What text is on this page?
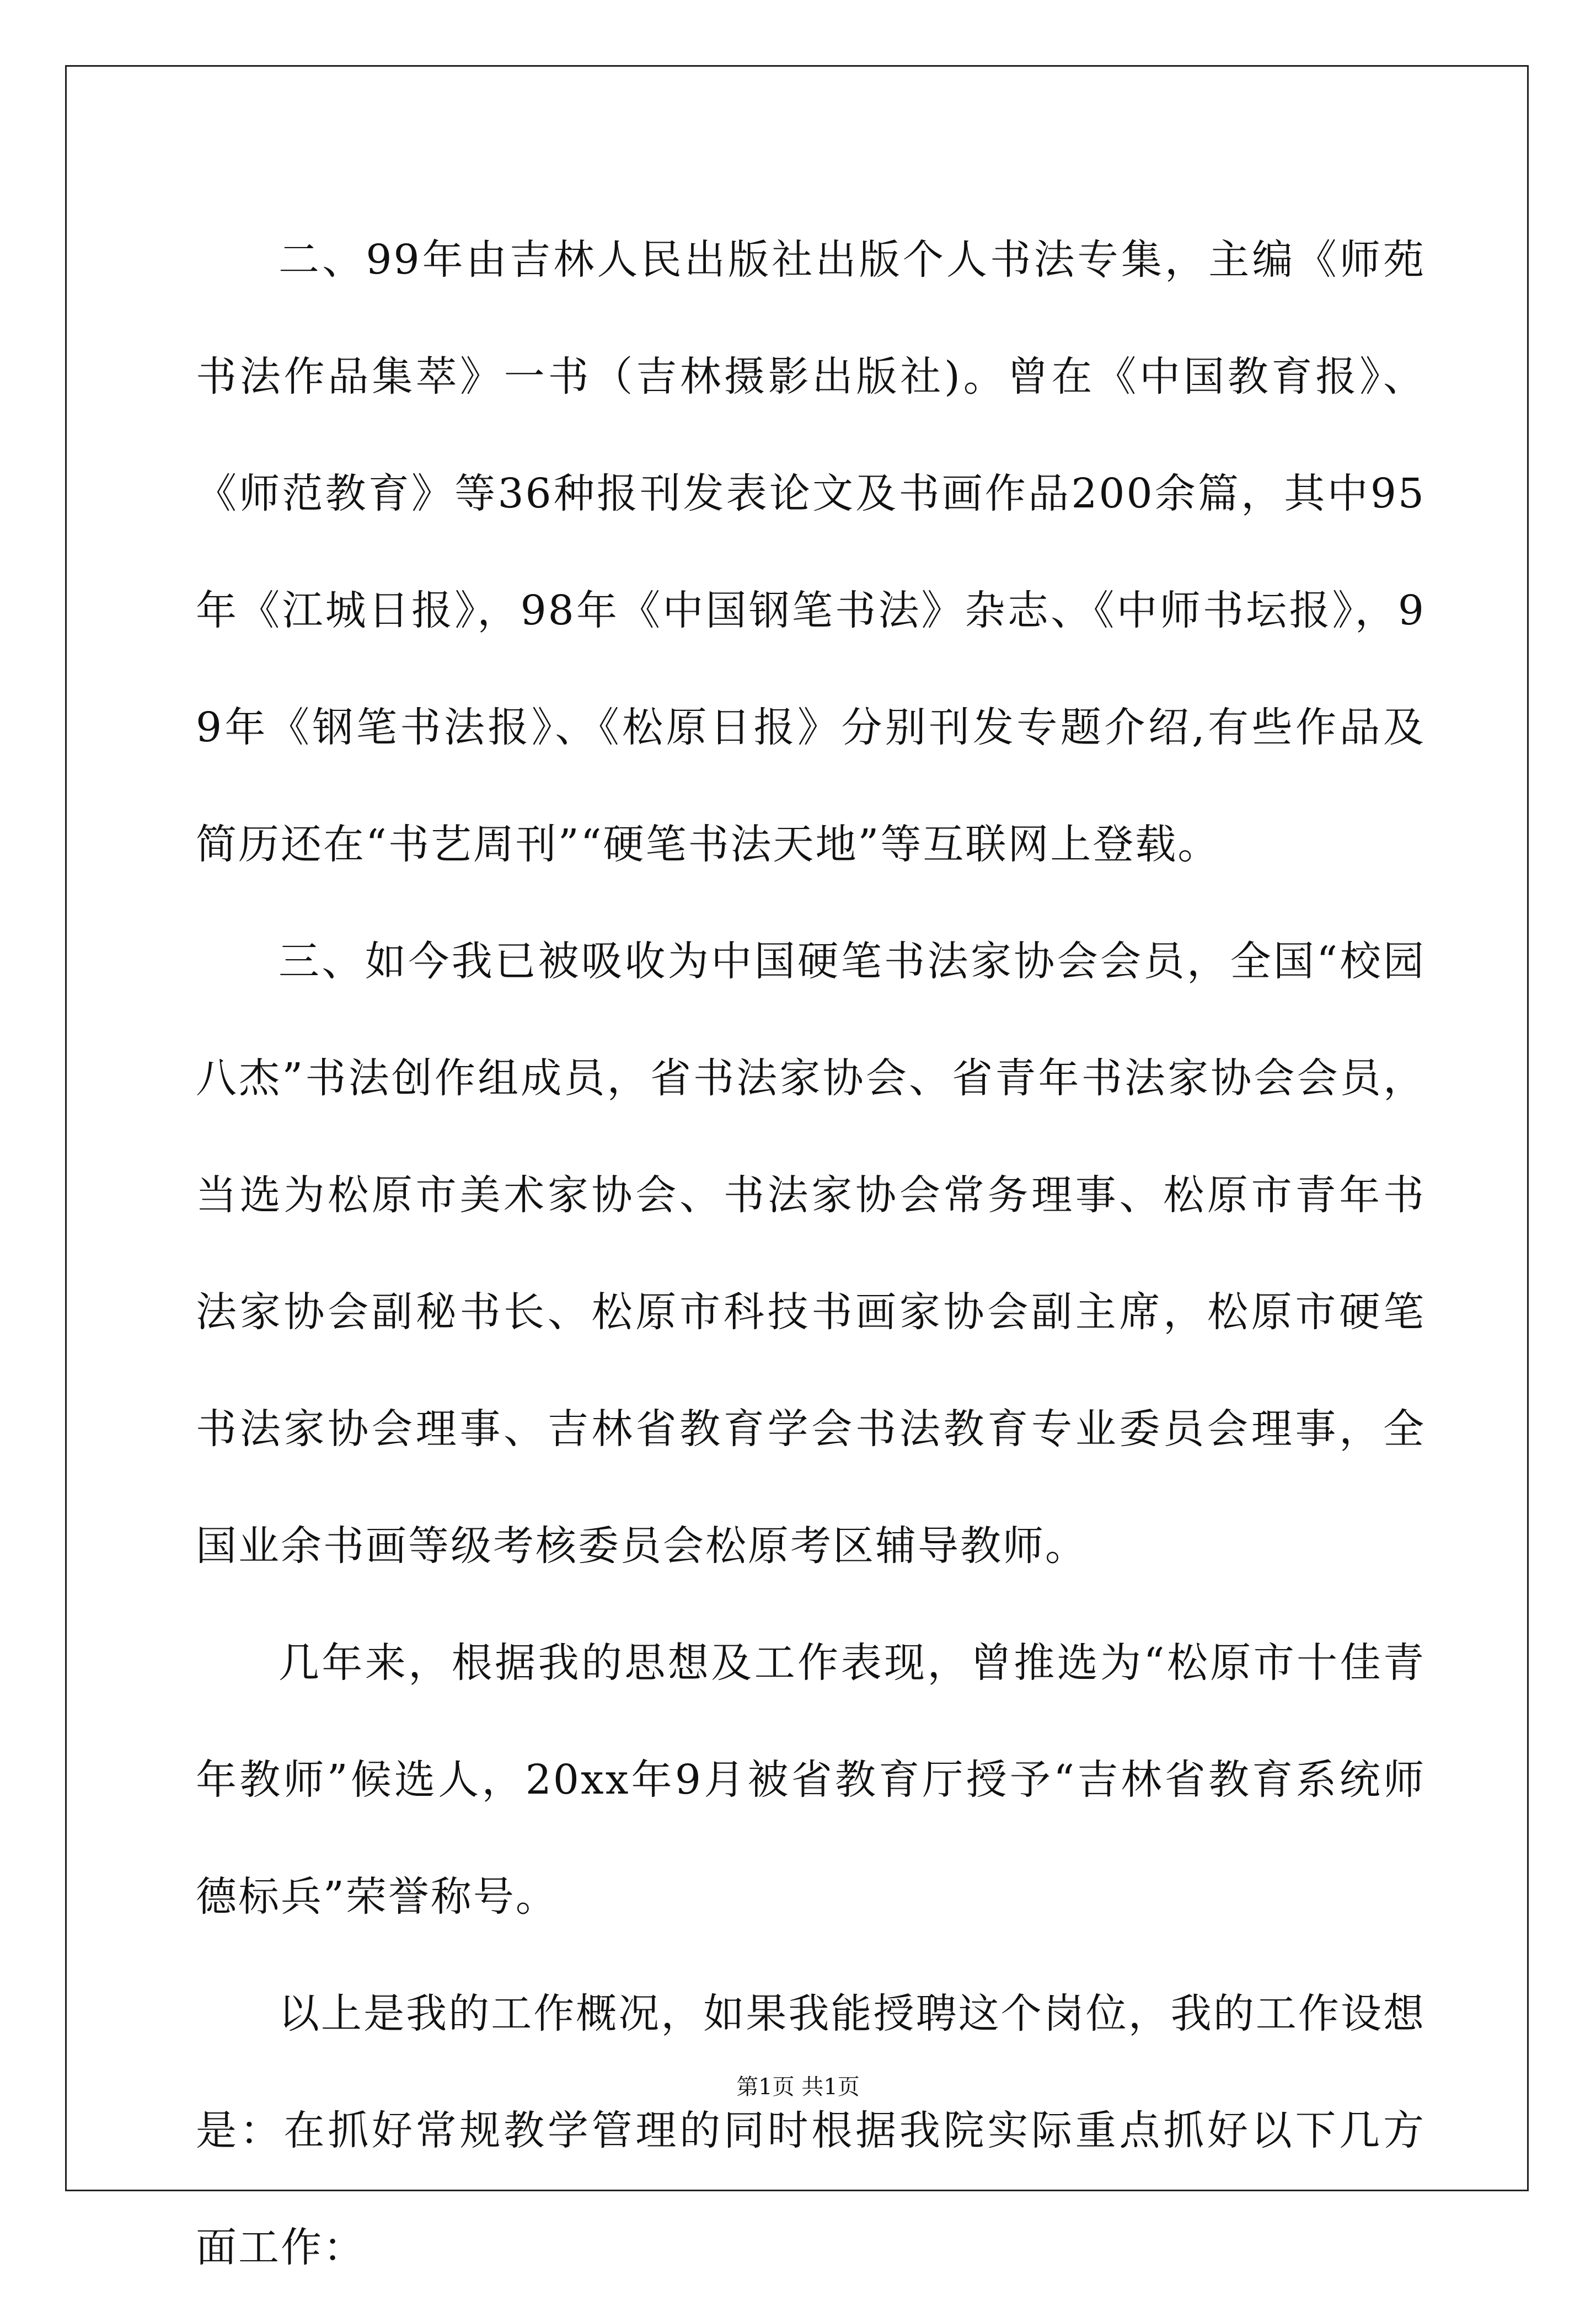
二、99年由吉林人民出版社出版个人书法专集，主编《师苑书法作品集萃》一书（吉林摄影出版社)。曾在《中国教育报》、《师范教育》等36种报刊发表论文及书画作品200余篇，其中95年《江城日报》，98年《中国钢笔书法》杂志、《中师书坛报》，99年《钢笔书法报》、《松原日报》分别刊发专题介绍,有些作品及简历还在“书艺周刊”“硬笔书法天地”等互联网上登载。

三、如今我已被吸收为中国硬笔书法家协会会员，全国“校园八杰”书法创作组成员，省书法家协会、省青年书法家协会会员，当选为松原市美术家协会、书法家协会常务理事、松原市青年书法家协会副秘书长、松原市科技书画家协会副主席，松原市硬笔书法家协会理事、吉林省教育学会书法教育专业委员会理事，全国业余书画等级考核委员会松原考区辅导教师。

几年来，根据我的思想及工作表现，曾推选为“松原市十佳青年教师”候选人，20xx年9月被省教育厅授予“吉林省教育系统师德标兵”荣誉称号。

以上是我的工作概况，如果我能授聘这个岗位，我的工作设想是：在抓好常规教学管理的同时根据我院实际重点抓好以下几方面工作：

第1页 共1页
